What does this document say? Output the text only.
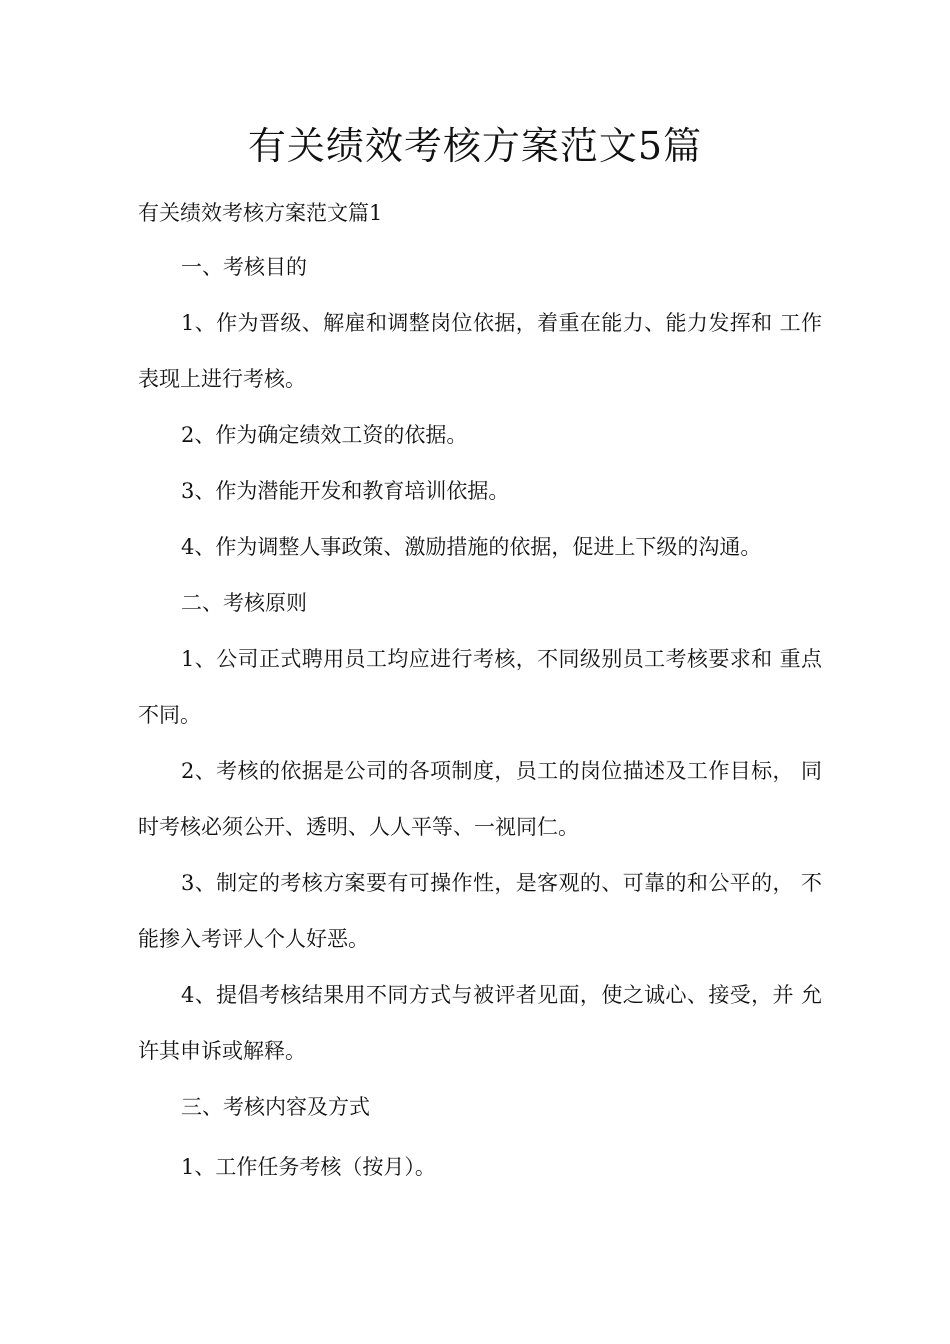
有关绩效考核方案范文5篇

有关绩效考核方案范文篇1

一、考核目的

1、作为晋级、解雇和调整岗位依据，着重在能力、能力发挥和 工作

表现上进行考核。

2、作为确定绩效工资的依据。

3、作为潜能开发和教育培训依据。

4、作为调整人事政策、激励措施的依据，促进上下级的沟通。

二、考核原则

1、公司正式聘用员工均应进行考核，不同级别员工考核要求和 重点

不同。

2、考核的依据是公司的各项制度，员工的岗位描述及工作目标， 同

时考核必须公开、透明、人人平等、一视同仁。

3、制定的考核方案要有可操作性，是客观的、可靠的和公平的， 不

能掺入考评人个人好恶。

4、提倡考核结果用不同方式与被评者见面，使之诚心、接受，并 允

许其申诉或解释。

三、考核内容及方式

1、工作任务考核（按月）。
